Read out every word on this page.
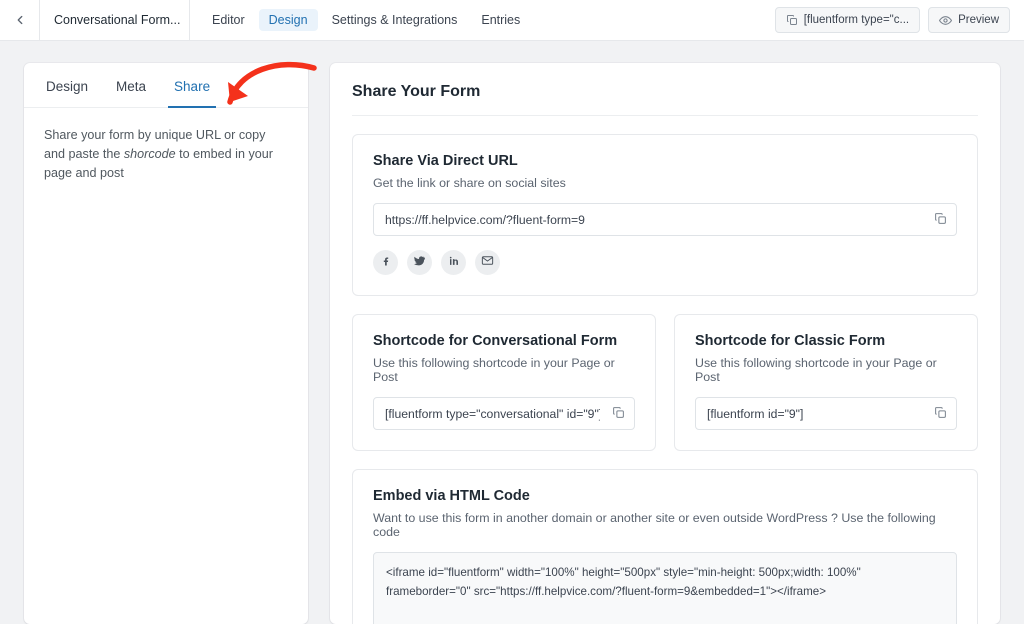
Conversational Form...	Editor	Design	Settings & Integrations	Entries	[fluentform type="c...	Preview
Design	Meta	Share
Share your form by unique URL or copy and paste the shorcode to embed in your page and post
Share Your Form
Share Via Direct URL

Get the link or share on social sites

https://ff.helpvice.com/?fluent-form=9
Shortcode for Conversational Form

Use this following shortcode in your Page or Post

[fluentform type="conversational" id="9"]
Shortcode for Classic Form

Use this following shortcode in your Page or Post

[fluentform id="9"]
Embed via HTML Code

Want to use this form in another domain or another site or even outside WordPress ? Use the following code

<iframe id="fluentform" width="100%" height="500px" style="min-height: 500px;width: 100%" frameborder="0" src="https://ff.helpvice.com/?fluent-form=9&embedded=1"></iframe>
